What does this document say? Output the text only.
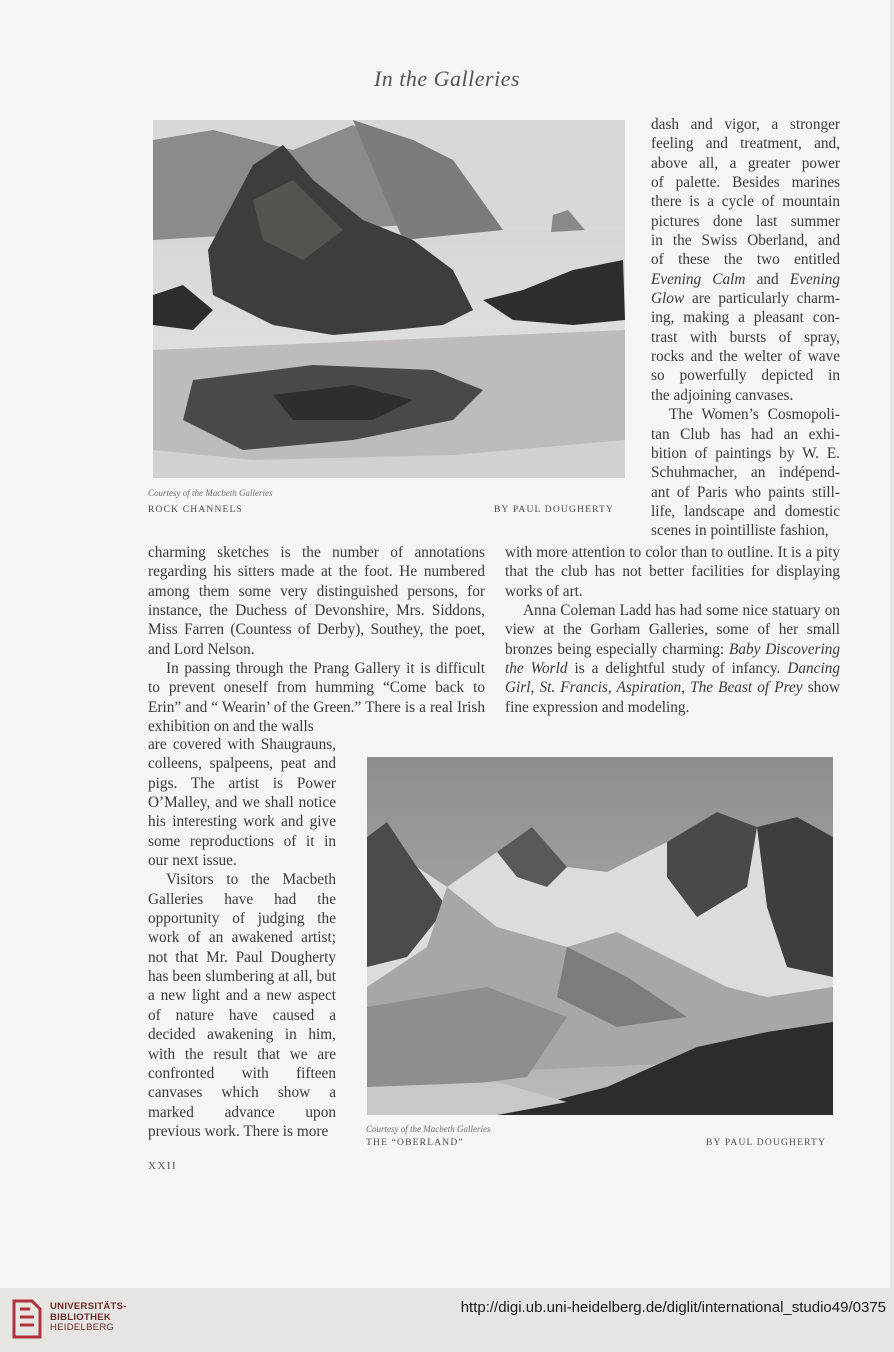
In the Galleries
Courtesy of the Macbeth Galleries
ROCK CHANNELS	BY PAUL DOUGHERTY
dash and vigor, a stronger
feeling and treatment, and,
above all, a greater power
of palette. Besides marines
there is a cycle of mountain
pictures done last summer
in the Swiss Oberland, and
of these the two entitled
Evening Calm and Evening
Glow are particularly charm-
ing, making a pleasant con-
trast with bursts of spray,
rocks and the welter of wave
so powerfully depicted in
the adjoining canvases.
The Women’s Cosmopoli-
tan Club has had an exhi-
bition of paintings by W. E.
Schuhmacher, an indépend-
ant of Paris who paints still-
life, landscape and domestic
scenes in pointilliste fashion,

charming sketches is the number of annotations regarding his sitters made at the foot. He numbered among them some very distinguished persons, for instance, the Duchess of Devonshire, Mrs. Siddons, Miss Farren (Countess of Derby), Southey, the poet, and Lord Nelson.

In passing through the Prang Gallery it is difficult to prevent oneself from humming “Come back to Erin” and “ Wearin’ of the Green.” There is a real Irish exhibition on and the walls

with more attention to color than to outline. It is a pity that the club has not better facilities for displaying works of art.

Anna Coleman Ladd has had some nice statuary on view at the Gorham Galleries, some of her small bronzes being especially charming: Baby Discovering the World is a delightful study of infancy. Dancing Girl, St. Francis, Aspiration, The Beast of Prey show fine expression and modeling.

are covered with Shaugrauns, colleens, spalpeens, peat and pigs. The artist is Power O’Malley, and we shall notice his interesting work and give some reproductions of it in our next issue.

Visitors to the Macbeth Galleries have had the opportunity of judging the work of an awakened artist; not that Mr. Paul Dougherty has been slumbering at all, but a new light and a new aspect of nature have caused a decided awakening in him, with the result that we are confronted with fifteen canvases which show a marked advance upon previous work. There is more	Courtesy of the Macbeth Galleries
THE “OBERLAND”	BY PAUL DOUGHERTY
XXII
UNIVERSITÄTS-
BIBLIOTHEK
HEIDELBERG
http://digi.ub.uni-heidelberg.de/diglit/international_studio49/0375
